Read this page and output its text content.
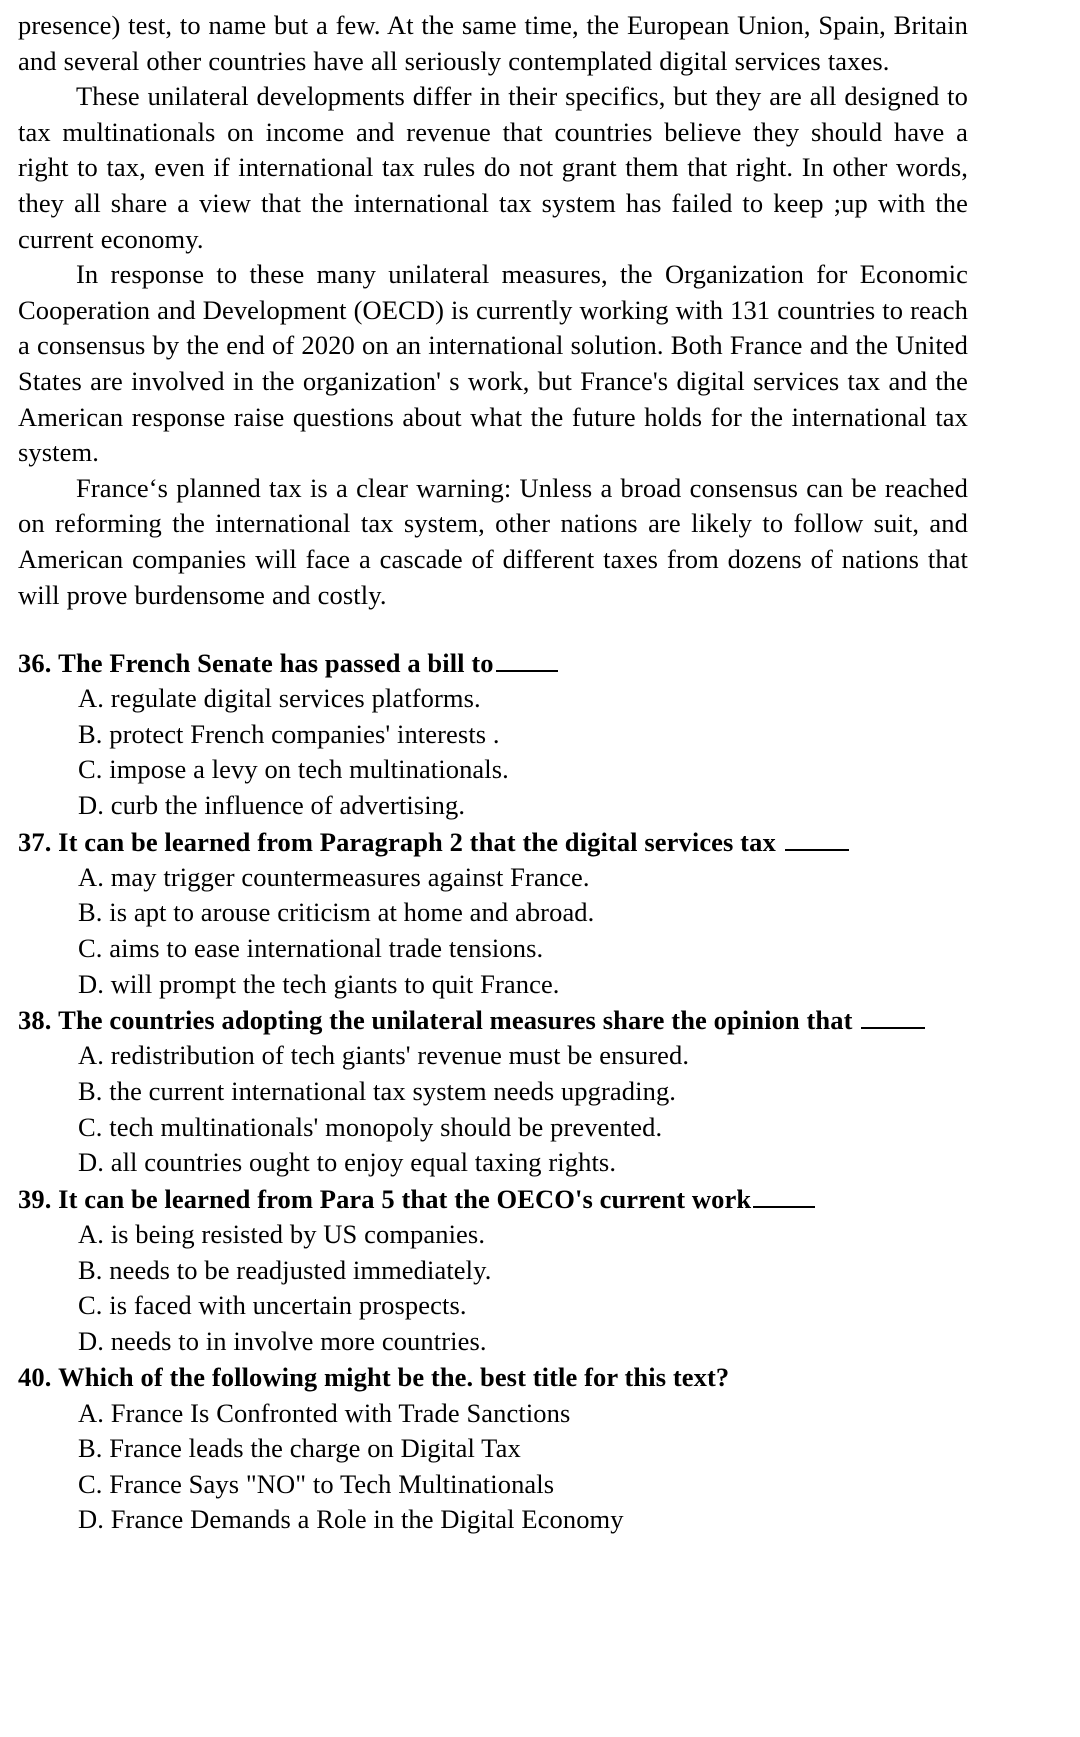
presence) test, to name but a few. At the same time, the European Union, Spain, Britain and several other countries have all seriously contemplated digital services taxes.

These unilateral developments differ in their specifics, but they are all designed to tax multinationals on income and revenue that countries believe they should have a right to tax, even if international tax rules do not grant them that right. In other words, they all share a view that the international tax system has failed to keep ;up with the current economy.

In response to these many unilateral measures, the Organization for Economic Cooperation and Development (OECD) is currently working with 131 countries to reach a consensus by the end of 2020 on an international solution. Both France and the United States are involved in the organization' s work, but France's digital services tax and the American response raise questions about what the future holds for the international tax system.

France‘s planned tax is a clear warning: Unless a broad consensus can be reached on reforming the international tax system, other nations are likely to follow suit, and American companies will face a cascade of different taxes from dozens of nations that will prove burdensome and costly.

36. The French Senate has passed a bill to
A. regulate digital services platforms.
B. protect French companies' interests .
C. impose a levy on tech multinationals.
D. curb the influence of advertising.
37. It can be learned from Paragraph 2 that the digital services tax
A. may trigger countermeasures against France.
B. is apt to arouse criticism at home and abroad.
C. aims to ease international trade tensions.
D. will prompt the tech giants to quit France.
38. The countries adopting the unilateral measures share the opinion that
A. redistribution of tech giants' revenue must be ensured.
B. the current international tax system needs upgrading.
C. tech multinationals' monopoly should be prevented.
D. all countries ought to enjoy equal taxing rights.
39. It can be learned from Para 5 that the OECO's current work
A. is being resisted by US companies.
B. needs to be readjusted immediately.
C. is faced with uncertain prospects.
D. needs to in involve more countries.
40. Which of the following might be the. best title for this text?
A. France Is Confronted with Trade Sanctions
B. France leads the charge on Digital Tax
C. France Says "NO" to Tech Multinationals
D. France Demands a Role in the Digital Economy
